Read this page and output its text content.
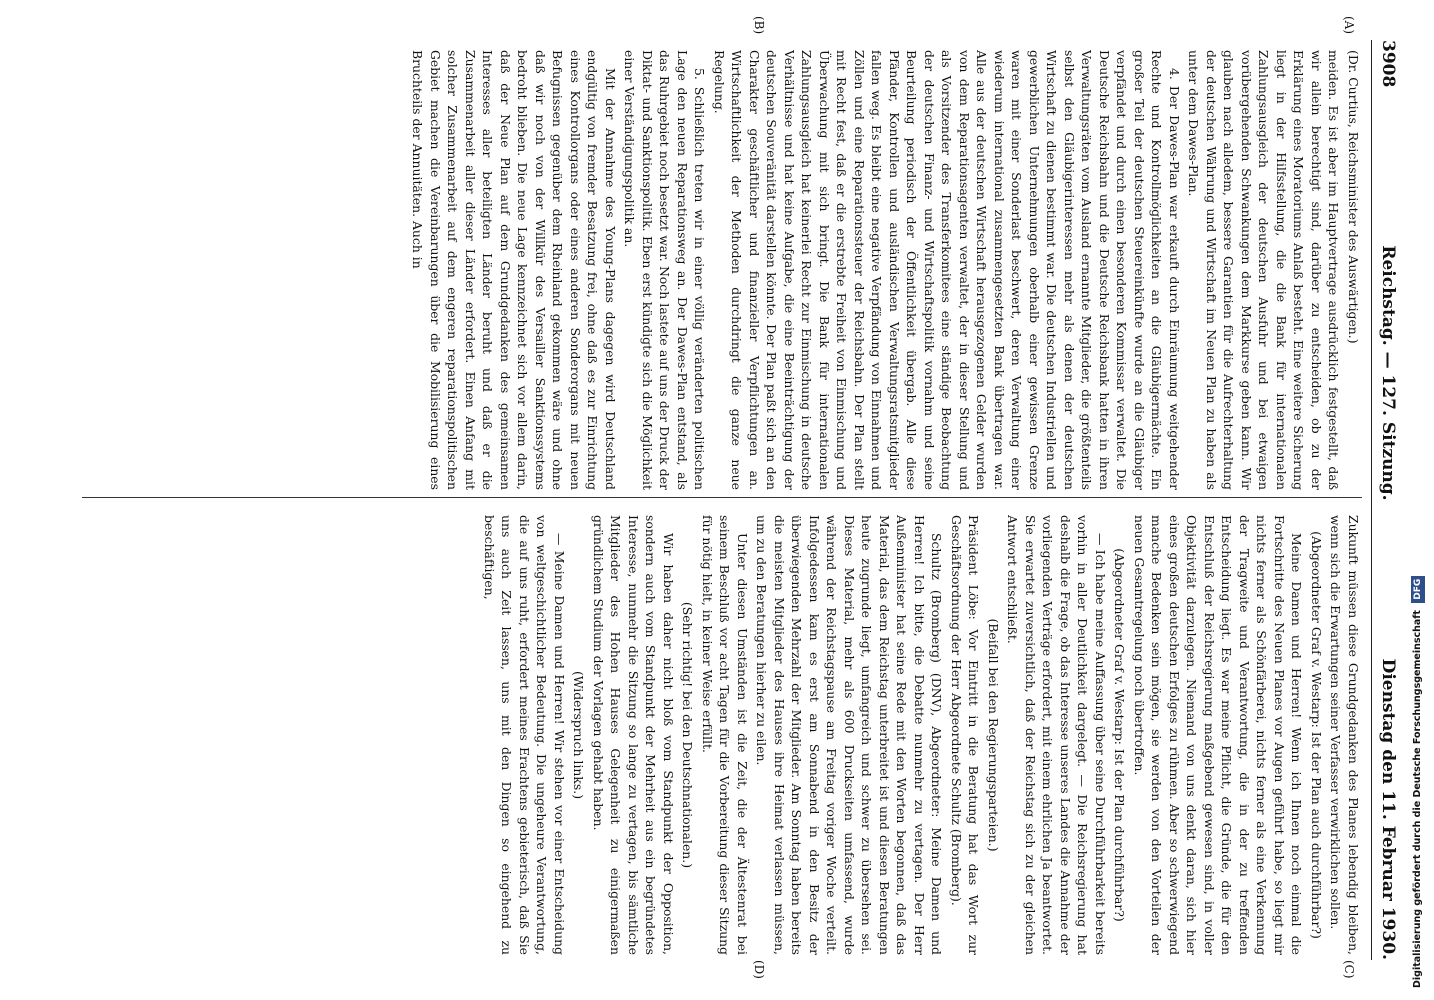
3908
Reichstag. — 127. Sitzung.
Dienstag den 11. Februar 1930.
(A)
(B)
(C)
(D)

(Dr. Curtius, Reichsminister des Auswärtigen.)

meiden. Es ist aber im Hauptvertrage ausdrücklich festgestellt, daß wir allein berechtigt sind, darüber zu entscheiden, ob zu der Erklärung eines Moratoriums Anlaß besteht. Eine weitere Sicherung liegt in der Hilfsstellung, die die Bank für internationalen Zahlungsausgleich der deutschen Ausfuhr und bei etwaigen vorübergehenden Schwankungen dem Markkurse geben kann. Wir glauben nach alledem, bessere Garantien für die Aufrechterhaltung der deutschen Währung und Wirtschaft im Neuen Plan zu haben als unter dem Dawes-Plan.

4. Der Dawes-Plan war erkauft durch Einräumung weitgehender Rechte und Kontrollmöglichkeiten an die Gläubigermächte. Ein großer Teil der deutschen Steuereinkünfte wurde an die Gläubiger verpfändet und durch einen besonderen Kommissar verwaltet. Die Deutsche Reichsbahn und die Deutsche Reichsbank hatten in ihren Verwaltungsräten vom Ausland ernannte Mitglieder, die größtenteils selbst den Gläubigerinteressen mehr als denen der deutschen Wirtschaft zu dienen bestimmt war. Die deutschen Industriellen und gewerblichen Unternehmungen oberhalb einer gewissen Grenze waren mit einer Sonderlast beschwert, deren Verwaltung einer wiederum international zusammengesetzten Bank übertragen war. Alle aus der deutschen Wirtschaft herausgezogenen Gelder wurden von dem Reparationsagenten verwaltet, der in dieser Stellung und als Vorsitzender des Transferkomitees eine ständige Beobachtung der deutschen Finanz- und Wirtschaftspolitik vornahm und seine Beurteilung periodisch der Öffentlichkeit übergab. Alle diese Pfänder, Kontrollen und ausländischen Verwaltungsratsmitglieder fallen weg. Es bleibt eine negative Verpfändung von Einnahmen und Zöllen und eine Reparationssteuer der Reichsbahn. Der Plan stellt mit Recht fest, daß er die erstrebte Freiheit von Einmischung und Überwachung mit sich bringt. Die Bank für internationalen Zahlungsausgleich hat keinerlei Recht zur Einmischung in deutsche Verhältnisse und hat keine Aufgabe, die eine Beeinträchtigung der deutschen Souveränität darstellen könnte. Der Plan paßt sich an den Charakter geschäftlicher und finanzieller Verpflichtungen an. Wirtschaftlichkeit der Methoden durchdringt die ganze neue Regelung.

5. Schließlich treten wir in einer völlig veränderten politischen Lage den neuen Reparationsweg an. Der Dawes-Plan entstand, als das Ruhrgebiet noch besetzt war. Noch lastete auf uns der Druck der Diktat- und Sanktionspolitik. Eben erst kündigte sich die Möglichkeit einer Verständigungspolitik an.

Mit der Annahme des Young-Plans dagegen wird Deutschland endgültig von fremder Besatzung frei, ohne daß es zur Einrichtung eines Kontrollorgans oder eines anderen Sonderorgans mit neuen Befugnissen gegenüber dem Rheinland gekommen wäre und ohne daß wir noch von der Willkür des Versailler Sanktionssystems bedroht blieben. Die neue Lage kennzeichnet sich vor allem darin, daß der Neue Plan auf dem Grundgedanken des gemeinsamen Interesses aller beteiligten Länder beruht und daß er die Zusammenarbeit aller dieser Länder erfordert. Einen Anfang mit solcher Zusammenarbeit auf dem engeren reparationspolitischen Gebiet machen die Vereinbarungen über die Mobilisierung eines Bruchteils der Annuitäten. Auch in

Zukunft müssen diese Grundgedanken des Planes lebendig bleiben, wenn sich die Erwartungen seiner Verfasser verwirklichen sollen.

(Abgeordneter Graf v. Westarp: Ist der Plan auch durchführbar?)

Meine Damen und Herren! Wenn ich Ihnen noch einmal die Fortschritte des Neuen Planes vor Augen geführt habe, so liegt mir nichts ferner als Schönfärberei, nichts ferner als eine Verkennung der Tragweite und Verantwortung, die in der zu treffenden Entscheidung liegt. Es war meine Pflicht, die Gründe, die für den Entschluß der Reichsregierung maßgebend gewesen sind, in voller Objektivität darzulegen. Niemand von uns denkt daran, sich hier eines großen deutschen Erfolges zu rühmen. Aber so schwerwiegend manche Bedenken sein mögen, sie werden von den Vorteilen der neuen Gesamtregelung noch übertroffen.

(Abgeordneter Graf v. Westarp: Ist der Plan durchführbar?)

— Ich habe meine Auffassung über seine Durchführbarkeit bereits vorhin in aller Deutlichkeit dargelegt. — Die Reichsregierung hat deshalb die Frage, ob das Interesse unseres Landes die Annahme der vorliegenden Verträge erfordert, mit einem ehrlichen Ja beantwortet. Sie erwartet zuversichtlich, daß der Reichstag sich zu der gleichen Antwort entschließt.

(Beifall bei den Regierungsparteien.)

Präsident Löbe: Vor Eintritt in die Beratung hat das Wort zur Geschäftsordnung der Herr Abgeordnete Schultz (Bromberg).

Schultz (Bromberg) (DNV), Abgeordneter: Meine Damen und Herren! Ich bitte, die Debatte nunmehr zu vertagen. Der Herr Außenminister hat seine Rede mit den Worten begonnen, daß das Material, das dem Reichstag unterbreitet ist und diesen Beratungen heute zugrunde liegt, umfangreich und schwer zu übersehen sei. Dieses Material, mehr als 600 Druckseiten umfassend, wurde während der Reichstagspause am Freitag voriger Woche verteilt. Infolgedessen kam es erst am Sonnabend in den Besitz der überwiegenden Mehrzahl der Mitglieder. Am Sonntag haben bereits die meisten Mitglieder des Hauses ihre Heimat verlassen müssen, um zu den Beratungen hierher zu eilen.

Unter diesen Umständen ist die Zeit, die der Ältestenrat bei seinem Beschluß vor acht Tagen für die Vorbereitung dieser Sitzung für nötig hielt, in keiner Weise erfüllt.

(Sehr richtig! bei den Deutschnationalen.)

Wir haben daher nicht bloß vom Standpunkt der Opposition, sondern auch vom Standpunkt der Mehrheit aus ein begründetes Interesse, nunmehr die Sitzung so lange zu vertagen, bis sämtliche Mitglieder des Hohen Hauses Gelegenheit zu einigermaßen gründlichem Studium der Vorlagen gehabt haben.

(Widerspruch links.)

— Meine Damen und Herren! Wir stehen vor einer Entscheidung von weltgeschichtlicher Bedeutung. Die ungeheure Verantwortung, die auf uns ruht, erfordert meines Erachtens gebieterisch, daß Sie uns auch Zeit lassen, uns mit den Dingen so eingehend zu beschäftigen,

Digitalisierung gefördert durch die Deutsche Forschungsgemeinschaft DFG
